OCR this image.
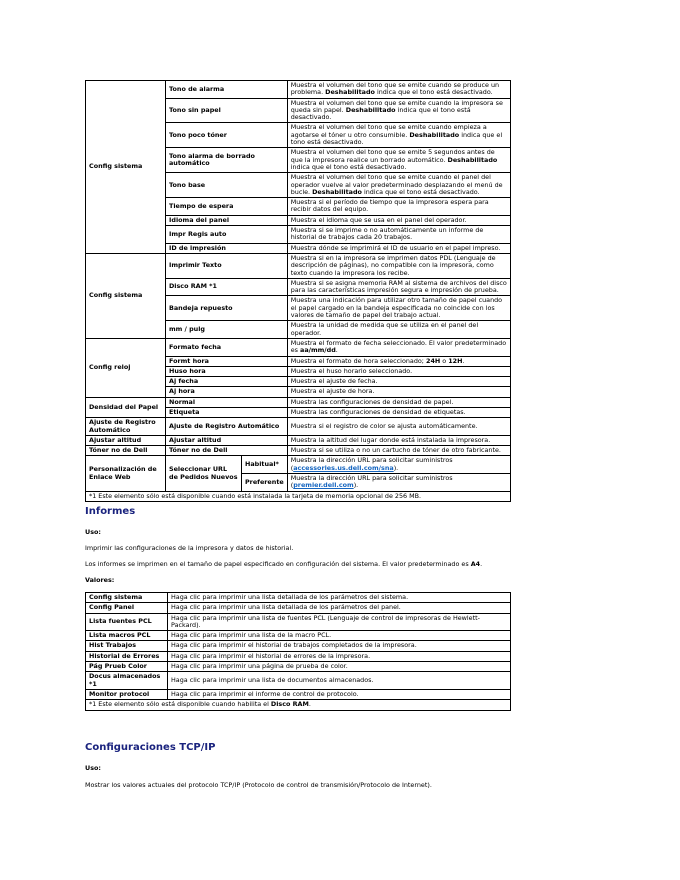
Config sistema	Tono de alarma		Muestra el volumen del tono que se emite cuando se produce un problema. Deshabilitado indica que el tono está desactivado.
	Tono sin papel		Muestra el volumen del tono que se emite cuando la impresora se queda sin papel. Deshabilitado indica que el tono está desactivado.
	Tono poco tóner		Muestra el volumen del tono que se emite cuando empieza a agotarse el tóner u otro consumible. Deshabilitado indica que el tono está desactivado.
	Tono alarma de borrado automático		Muestra el volumen del tono que se emite 5 segundos antes de que la impresora realice un borrado automático. Deshabilitado indica que el tono está desactivado.
	Tono base		Muestra el volumen del tono que se emite cuando el panel del operador vuelve al valor predeterminado desplazando el menú de bucle. Deshabilitado indica que el tono está desactivado.
	Tiempo de espera		Muestra si el período de tiempo que la impresora espera para recibir datos del equipo.
	Idioma del panel		Muestra el idioma que se usa en el panel del operador.
	Impr Regis auto		Muestra si se imprime o no automáticamente un informe de historial de trabajos cada 20 trabajos.
	ID de impresión		Muestra dónde se imprimirá el ID de usuario en el papel impreso.
Config sistema	Imprimir Texto		Muestra si en la impresora se imprimen datos PDL (Lenguaje de descripción de páginas), no compatible con la impresora, como texto cuando la impresora los recibe.
	Disco RAM *1		Muestra si se asigna memoria RAM al sistema de archivos del disco para las características impresión segura e impresión de prueba.
	Bandeja repuesto		Muestra una indicación para utilizar otro tamaño de papel cuando el papel cargado en la bandeja especificada no coincide con los valores de tamaño de papel del trabajo actual.
	mm / pulg		Muestra la unidad de medida que se utiliza en el panel del operador.
Config reloj	Formato fecha		Muestra el formato de fecha seleccionado. El valor predeterminado es aa/mm/dd.
	Formt hora		Muestra el formato de hora seleccionado; 24H o 12H.
	Huso hora		Muestra el huso horario seleccionado.
	Aj fecha		Muestra el ajuste de fecha.
	Aj hora		Muestra el ajuste de hora.
Densidad del Papel	Normal		Muestra las configuraciones de densidad de papel.
	Etiqueta		Muestra las configuraciones de densidad de etiquetas.
Ajuste de Registro Automático	Ajuste de Registro Automático		Muestra si el registro de color se ajusta automáticamente.
Ajustar altitud	Ajustar altitud		Muestra la altitud del lugar donde está instalada la impresora.
Tóner no de Dell	Tóner no de Dell		Muestra si se utiliza o no un cartucho de tóner de otro fabricante.
Personalización de Enlace Web	Seleccionar URL de Pedidos Nuevos	Habitual*	Muestra la dirección URL para solicitar suministros (accessories.us.dell.com/sna).
		Preferente	Muestra la dirección URL para solicitar suministros (premier.dell.com).
*1 Este elemento sólo está disponible cuando está instalada la tarjeta de memoria opcional de 256 MB.			
Informes

Uso:

Imprimir las configuraciones de la impresora y datos de historial.

Los informes se imprimen en el tamaño de papel especificado en configuración del sistema. El valor predeterminado es A4.

Valores:

Config sistema	Haga clic para imprimir una lista detallada de los parámetros del sistema.
Config Panel	Haga clic para imprimir una lista detallada de los parámetros del panel.
Lista fuentes PCL	Haga clic para imprimir una lista de fuentes PCL (Lenguaje de control de impresoras de Hewlett-Packard).
Lista macros PCL	Haga clic para imprimir una lista de la macro PCL.
Hist Trabajos	Haga clic para imprimir el historial de trabajos completados de la impresora.
Historial de Errores	Haga clic para imprimir el historial de errores de la impresora.
Pág Prueb Color	Haga clic para imprimir una página de prueba de color.
Docus almacenados *1	Haga clic para imprimir una lista de documentos almacenados.
Monitor protocol	Haga clic para imprimir el informe de control de protocolo.
*1 Este elemento sólo está disponible cuando habilita el Disco RAM.	
Configuraciones TCP/IP

Uso:

Mostrar los valores actuales del protocolo TCP/IP (Protocolo de control de transmisión/Protocolo de Internet).
